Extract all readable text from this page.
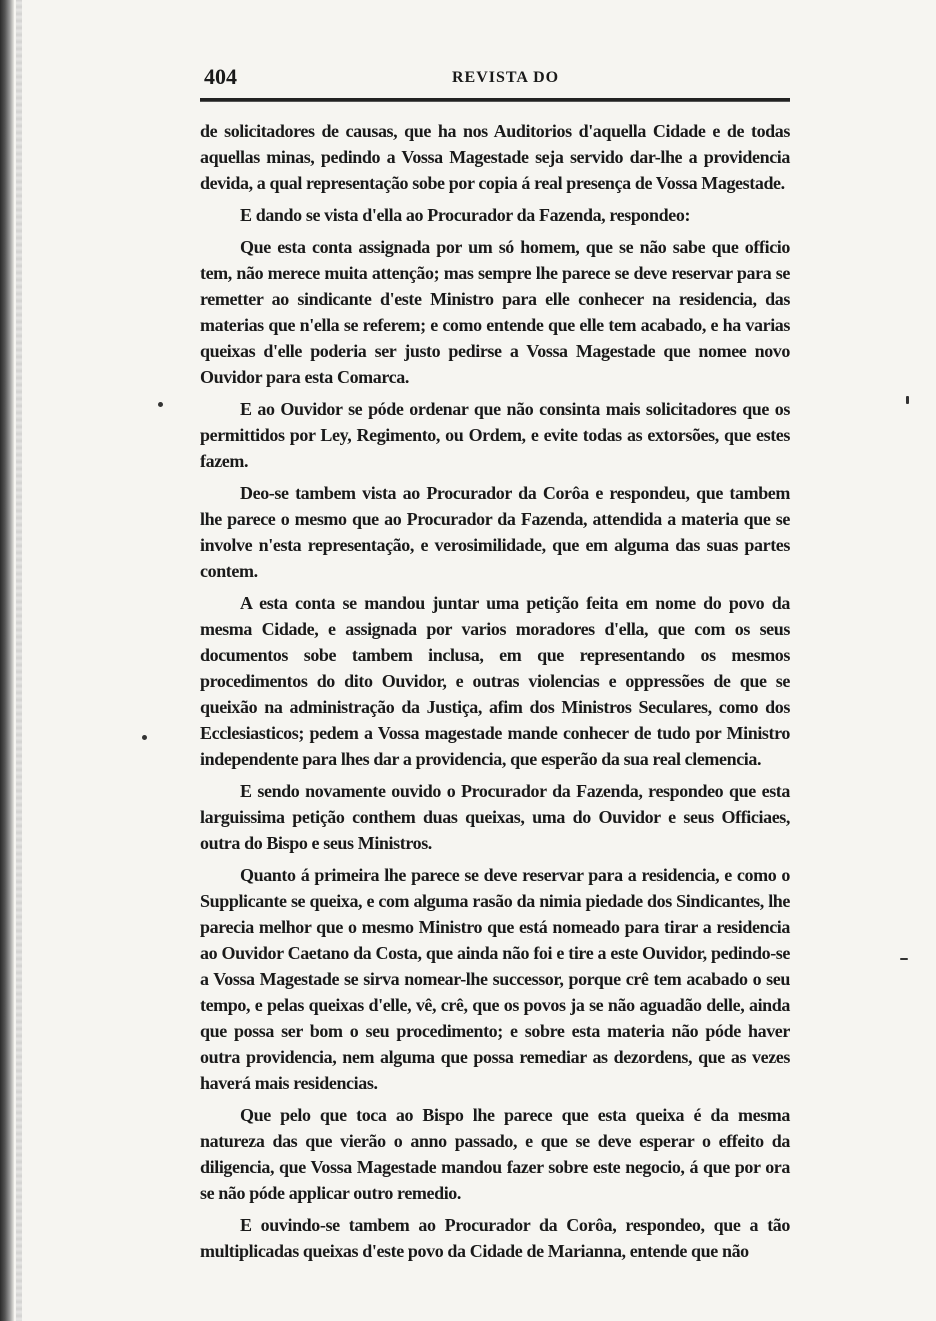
404	REVISTA DO

de solicitadores de causas, que ha nos Auditorios d'aquella Cidade e de todas aquellas minas, pedindo a Vossa Magestade seja servido dar-lhe a providencia devida, a qual representação sobe por copia á real presença de Vossa Magestade.

E dando se vista d'ella ao Procurador da Fazenda, respondeo:

Que esta conta assignada por um só homem, que se não sabe que officio tem, não merece muita attenção; mas sempre lhe parece se deve reservar para se remetter ao sindicante d'este Ministro para elle conhecer na residencia, das materias que n'ella se referem; e como entende que elle tem acabado, e ha varias queixas d'elle poderia ser justo pedirse a Vossa Magestade que nomee novo Ouvidor para esta Comarca.

E ao Ouvidor se póde ordenar que não consinta mais solicitadores que os permittidos por Ley, Regimento, ou Ordem, e evite todas as extorsões, que estes fazem.

Deo-se tambem vista ao Procurador da Corôa e respondeu, que tambem lhe parece o mesmo que ao Procurador da Fazenda, attendida a materia que se involve n'esta representação, e verosimilidade, que em alguma das suas partes contem.

A esta conta se mandou juntar uma petição feita em nome do povo da mesma Cidade, e assignada por varios moradores d'ella, que com os seus documentos sobe tambem inclusa, em que representando os mesmos procedimentos do dito Ouvidor, e outras violencias e oppressões de que se queixão na administração da Justiça, afim dos Ministros Seculares, como dos Ecclesiasticos; pedem a Vossa magestade mande conhecer de tudo por Ministro independente para lhes dar a providencia, que esperão da sua real clemencia.

E sendo novamente ouvido o Procurador da Fazenda, respondeo que esta larguissima petição conthem duas queixas, uma do Ouvidor e seus Officiaes, outra do Bispo e seus Ministros.

Quanto á primeira lhe parece se deve reservar para a residencia, e como o Supplicante se queixa, e com alguma rasão da nimia piedade dos Sindicantes, lhe parecia melhor que o mesmo Ministro que está nomeado para tirar a residencia ao Ouvidor Caetano da Costa, que ainda não foi e tire a este Ouvidor, pedindo-se a Vossa Magestade se sirva nomear-lhe successor, porque crê tem acabado o seu tempo, e pelas queixas d'elle, vê, crê, que os povos ja se não aguadão delle, ainda que possa ser bom o seu procedimento; e sobre esta materia não póde haver outra providencia, nem alguma que possa remediar as dezordens, que as vezes haverá mais residencias.

Que pelo que toca ao Bispo lhe parece que esta queixa é da mesma natureza das que vierão o anno passado, e que se deve esperar o effeito da diligencia, que Vossa Magestade mandou fazer sobre este negocio, á que por ora se não póde applicar outro remedio.

E ouvindo-se tambem ao Procurador da Corôa, respondeo, que a tão multiplicadas queixas d'este povo da Cidade de Marianna, entende que não
